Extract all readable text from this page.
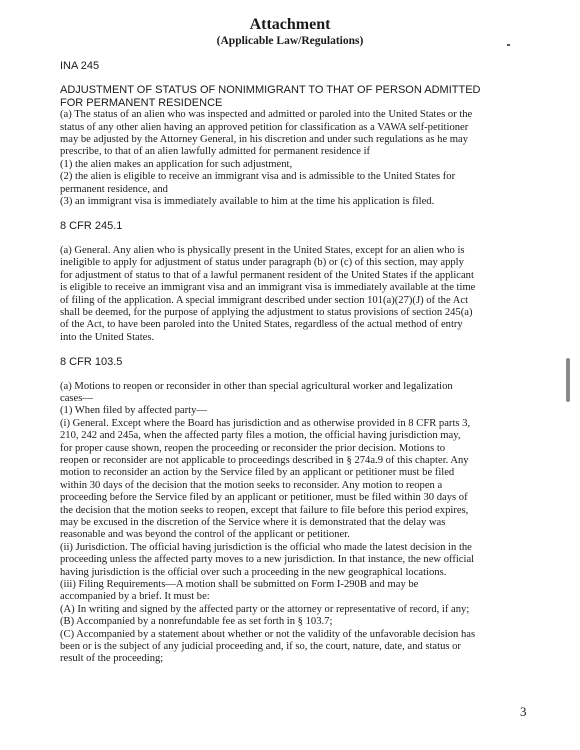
Attachment
(Applicable Law/Regulations)
INA 245
ADJUSTMENT OF STATUS OF NONIMMIGRANT TO THAT OF PERSON ADMITTED
FOR PERMANENT RESIDENCE
(a) The status of an alien who was inspected and admitted or paroled into the United States or the
status of any other alien having an approved petition for classification as a VAWA self-petitioner
may be adjusted by the Attorney General, in his discretion and under such regulations as he may
prescribe, to that of an alien lawfully admitted for permanent residence if
(1) the alien makes an application for such adjustment,
(2) the alien is eligible to receive an immigrant visa and is admissible to the United States for
permanent residence, and
(3) an immigrant visa is immediately available to him at the time his application is filed.
8 CFR 245.1
(a) General. Any alien who is physically present in the United States, except for an alien who is
ineligible to apply for adjustment of status under paragraph (b) or (c) of this section, may apply
for adjustment of status to that of a lawful permanent resident of the United States if the applicant
is eligible to receive an immigrant visa and an immigrant visa is immediately available at the time
of filing of the application. A special immigrant described under section 101(a)(27)(J) of the Act
shall be deemed, for the purpose of applying the adjustment to status provisions of section 245(a)
of the Act, to have been paroled into the United States, regardless of the actual method of entry
into the United States.
8 CFR 103.5
(a) Motions to reopen or reconsider in other than special agricultural worker and legalization
cases—
(1) When filed by affected party—
(i) General. Except where the Board has jurisdiction and as otherwise provided in 8 CFR parts 3,
210, 242 and 245a, when the affected party files a motion, the official having jurisdiction may,
for proper cause shown, reopen the proceeding or reconsider the prior decision. Motions to
reopen or reconsider are not applicable to proceedings described in § 274a.9 of this chapter. Any
motion to reconsider an action by the Service filed by an applicant or petitioner must be filed
within 30 days of the decision that the motion seeks to reconsider. Any motion to reopen a
proceeding before the Service filed by an applicant or petitioner, must be filed within 30 days of
the decision that the motion seeks to reopen, except that failure to file before this period expires,
may be excused in the discretion of the Service where it is demonstrated that the delay was
reasonable and was beyond the control of the applicant or petitioner.
(ii) Jurisdiction. The official having jurisdiction is the official who made the latest decision in the
proceeding unless the affected party moves to a new jurisdiction. In that instance, the new official
having jurisdiction is the official over such a proceeding in the new geographical locations.
(iii) Filing Requirements—A motion shall be submitted on Form I-290B and may be
accompanied by a brief. It must be:
(A) In writing and signed by the affected party or the attorney or representative of record, if any;
(B) Accompanied by a nonrefundable fee as set forth in § 103.7;
(C) Accompanied by a statement about whether or not the validity of the unfavorable decision has
been or is the subject of any judicial proceeding and, if so, the court, nature, date, and status or
result of the proceeding;
3
